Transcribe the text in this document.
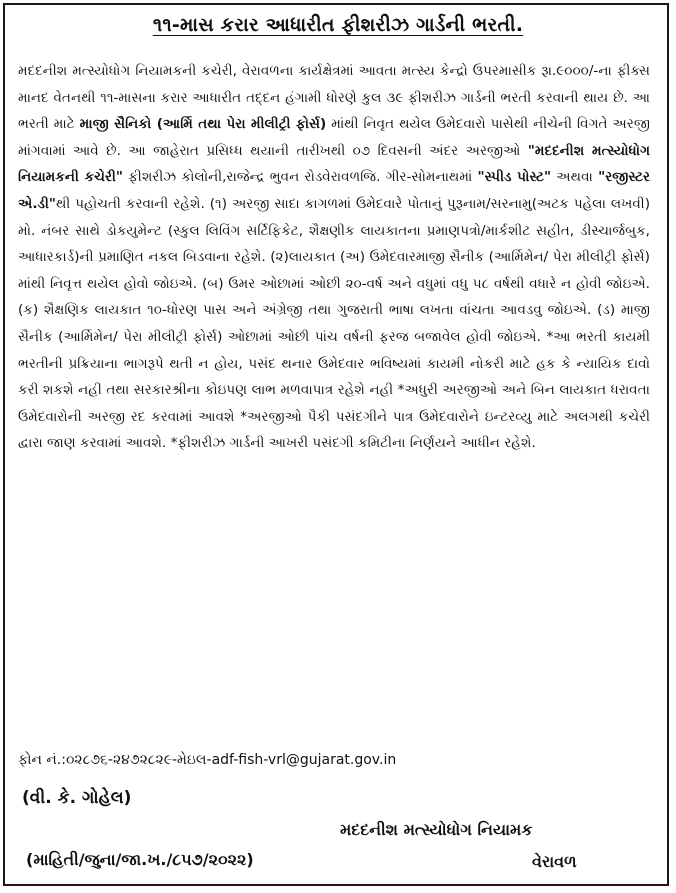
૧૧-માસ કરાર આધારીત ફીશરીઝ ગાર્ડની ભરતી.

મદદનીશ મત્સ્યોધોગ નિયામકની કચેરી, વેરાવળના કાર્યક્ષેત્રમાં આવતા મત્સ્ય કેન્દ્રો ઉપરમાસીક રૂા.૯૦૦૦/-ના ફીક્સ માનદ વેતનથી ૧૧-માસના કરાર આધારીત તદ્દન હંગામી ધોરણે કુલ ૩૯ ફીશરીઝ ગાર્ડની ભરતી કરવાની થાય છે. આ ભરતી માટે માજી સૈનિકો (આર્મિ તથા પેરા મીલીટ્રી ફોર્સ) માંથી નિવૃત થયેલ ઉમેદવારો પાસેથી નીચેની વિગતે અરજી માંગવામાં આવે છે. આ જાહેરાત પ્રસિધ્ધ થયાની તારીખથી ૦૭ દિવસની અંદર અરજીઓ "મદદનીશ મત્સ્યોધોગ નિયામકની કચેરી" ફીશરીઝ કોલોની,રાજેન્દ્ર ભુવન રોડવેરાવળજિ. ગીર-સોમનાથમાં "સ્પીડ પોસ્ટ" અથવા "રજીસ્ટર એ.ડી"થી પહોચતી કરવાની રહેશે. (૧) અરજી સાદા કાગળમાં ઉમેદવારે પોતાનું પુરૂનામ/સરનામુ(અટક પહેલા લખવી) મો. નંબર સાથે ડોકયુમેન્ટ (સ્કુલ લિવિંગ સર્ટિફિકેટ, શૈક્ષણીક લાયકાતના પ્રમાણપત્રો/માર્કશીટ સહીત, ડીસ્ચાર્જબુક, આધારકાર્ડ)ની પ્રમાણિત નકલ બિડવાના રહેશે. (૨)લાયકાત (અ) ઉમેદવારમાજી સૈનીક (આર્મિમેન/ પેરા મીલીટ્રી ફોર્સ) માંથી નિવૃત્ત થયેલ હોવો જોઇએ. (બ) ઉમર ઓછામાં ઓછી ૨૦-વર્ષ અને વધુમાં વધુ ૫૮ વર્ષથી વધારે ન હોવી જોઇએ. (ક) શૈક્ષણિક લાયકાત ૧૦-ધોરણ પાસ અને અંગ્રેજી તથા ગુજરાતી ભાષા લખતા વાંચતા આવડવુ જોઇએ. (ડ) માજી સૈનીક (આર્મિમેન/ પેરા મીલીટ્રી ફોર્સ) ઓછામાં ઓછી પાંચ વર્ષની ફરજ બજાવેલ હોવી જોઇએ. *આ ભરતી કાયમી ભરતીની પ્રક્રિયાના ભાગરૂપે થતી ન હોય, પસંદ થનાર ઉમેદવાર ભવિષ્યમાં કાયમી નોકરી માટે હક કે ન્યાયિક દાવો કરી શકશે નહી તથા સરકારશ્રીના કોઇપણ લાભ મળવાપાત્ર રહેશે નહી *અધુરી અરજીઓ અને બિન લાયકાત ધરાવતા ઉમેદવારોની અરજી રદ કરવામાં આવશે *અરજીઓ પૈકી પસંદગીને પાત્ર ઉમેદવારોને ઇન્ટરવ્યુ માટે અલગથી કચેરી દ્વારા જાણ કરવામાં આવશે. *ફીશરીઝ ગાર્ડની આખરી પસંદગી કમિટીના નિર્ણયને આધીન રહેશે.

ફોન નં.:૦૨૮૭૬-૨૪૭૨૮૨૯-મેઇલ-adf-fish-vrl@gujarat.gov.in
(વી. કે. ગોહેલ)
મદદનીશ મત્સ્યોધોગ નિયામક
(માહિતી/જુના/જા.ખ./૮૫૭/૨૦૨૨)	વેરાવળ
